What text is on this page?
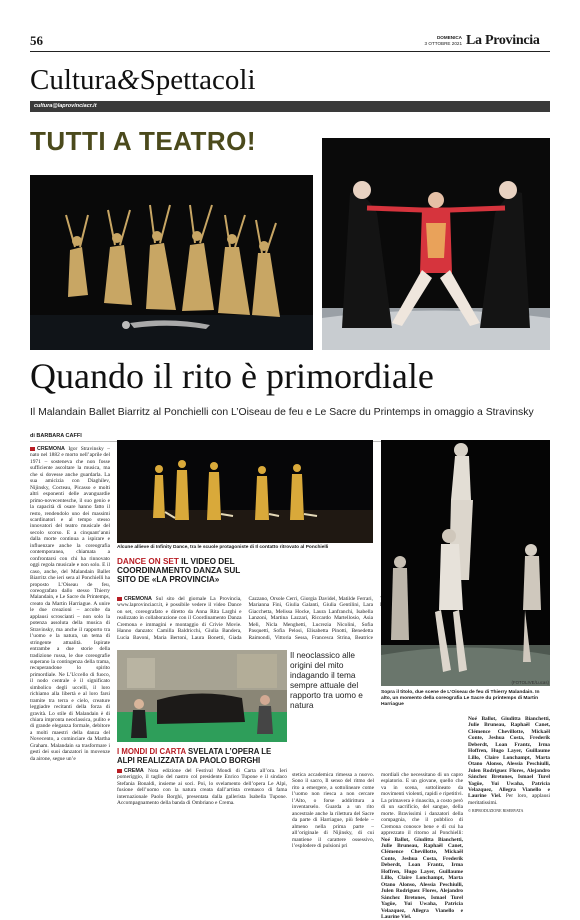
56	DOMENICA
3 OTTOBRE 2021 La Provincia
Cultura&Spettacoli
cultura@laprovinciacr.it
TUTTI A TEATRO!
Quando il rito è primordiale
Il Malandain Ballet Biarritz al Ponchielli con L’Oiseau de feu e Le Sacre du Printemps in omaggio a Stravinsky
di BARBARA CAFFI
CREMONA Igor Stravinsky – nato nel 1882 e morto nell’aprile del 1971 – sosteneva che non fosse sufficiente ascoltare la musica, ma che si dovesse anche guardarla. La sua amicizia con Diaghilev, Nijinsky, Cocteau, Picasso e molti altri esponenti delle avanguardie primo-novecentesche, il suo genio e la capacità di osare hanno fatto il resto, rendendolo uno dei massimi scardinatori e al tempo stesso innovatori del teatro musicale del secolo scorso. E a cinquant’anni dalla morte continua a ispirare e influenzare anche la coreografia contemporanea, chiamata a confrontarsi con chi ha rinnovato oggi regola musicale e non solo. E il caso, anche, del Malandain Ballet Biarritz che ieri sera al Ponchielli ha proposto L’Oiseau de feu, coreografato dallo stesso Thierry Malandain, e Le Sacre du Printemps, creato da Martin Harriague. A unire le due creazioni – accolte da applausi scroscianti – non solo la potenza assoluta della musica di Stravinsky, ma anche il rapporto tra l’uomo e la natura, un tema di stringente attualità. Ispirate entrambe a due storie della tradizione russa, le due coreografie superano la contingenza della trama, recuperandone lo spirito primordiale. Ne L’Uccello di fuoco, il nodo centrale è il significato simbolico degli uccelli, il loro richiamo alla libertà e al loro farsi tramite tra terra e cielo, creature leggiadre recitanti della forza di gravità. Lo stile di Malandain è di chiara impronta neoclassica, pulito e di grande eleganza formale, debitore a molti maestri della danza del Novecento, a cominciare da Martha Graham. Malandain sa trasformare i gesti dei suoi danzatori in movenze da airone, segue un’e
Alcune allieve di Infinity Dance, tra le scuole protagoniste di Il contatto ritrovato al Ponchielli
DANCE ON SET IL VIDEO DEL COORDINAMENTO DANZA SUL SITO DE «LA PROVINCIA»
CREMONA Sul sito del giornale La Provincia, www.laprovinciacr.it, è possibile vedere il video Dance on set, coreografato e diretto da Anna Rita Larghi e realizzato in collaborazione con il Coordinamento Danza Cremona e immagini e montaggio di Crivie Movie. Hanno danzato: Camilla Baldricchi, Giulia Bandera, Lucia Bavoni, Maria Bertoni, Laura Bonetti, Giada Cazzano, Orsole Cerri, Giorgia Davidel, Matilde Ferrari, Marianna Fini, Giulia Galanti, Giulia Gentilini, Lara Giacchetta, Melissa Hocke, Laura Lanfranchi, Isabella Lanzoni, Martina Lazzari, Riccardo Martellosio, Asia Meli, Nicla Menghetti, Lucrezia Nicolini, Sofia Pasquetti, Sofia Pelosi, Elisabetta Pinotti, Benedetta Raimondi, Vittoria Sessa, Francesca Strina, Beatrice
Il neoclassico alle origini del mito indagando il tema sempre attuale del rapporto tra uomo e natura
I MONDI DI CARTA SVELATA L’OPERA LE ALPI REALIZZATA DA PAOLO BORGHI
CREMA Nota edizione del Festival Mondi di Carta all’ora. Ieri pomeriggio, il taglio del nastro col presidente Enrico Tupone e il sindaco Stefania Bonaldi, insieme ai soci. Poi, lo svelamento dell’opera Le Alpi, fusione dell’uomo con la natura creata dall’artista cremasco di fama internazionale Paolo Borghi, presentata dalla gallerista Isabella Tupone. Accompagnamento della banda di Ombriano e Crema.
stetica accademica rimessa a nuovo. Sono il sacro, Il senso del ritmo del rito a emergere, a sottolineare come l’uomo non riesca a non cercare l’Alto, o forse addirittura a inventarselo. Guarda a un rito ancestrale anche la rilettura del Sacre da parte di Harriague, più fedele – almeno nella prima parte – all’originale di Nijinsky, di cui mantiene il carattere ossessivo, l’esplodere di pulsioni pri
Sopra il titolo, due scene de L’Oiseau de feu di Thierry Malandain. In alto, un momento della coreografia Le Sacre du printemps di Martin Harriague
(FOTOLIVE/Lucas)
mordiali che necessitano di un capro espiatorio. E un giovane, quello che va in scena, sottolineato da movimenti violenti, rapidi e ripetitivi. La primavera è rinascita, a costo però di un sacrificio, del sangue, della morte. Bravissimi i danzatori della compagnia, che il pubblico di Cremona conosce bene e di cui ha apprezzato il ritorno al Ponchielli: Noé Ballot, Giuditta Bianchetti, Julie Bruneau, Raphaël Canet, Clémence Chevillotte, Mickaël Conte, Jeshua Costa, Frederik Deberdt, Loan Frantz, Irma Hoffren, Hugo Layer, Guillaume Lillo, Claire Lonchampt, Marta Otano Alonso, Alessia Peschiulli, Julen Rodriguez Flores, Alejandro Sánchez Bretones, Ismael Turel Yagüe, Yui Uwaha, Patricia Velazquez, Allegra Vianello e Laurine Viel.
Noé Ballot, Giuditta Bianchetti, Julie Bruneau, Raphaël Canet, Clémence Chevillotte, Mickaël Conte, Jeshua Costa, Frederik Deberdt, Loan Frantz, Irma Hoffren, Hugo Layer, Guillaume Lillo, Claire Lonchampt, Marta Otano Alonso, Alessia Peschiulli, Julen Rodriguez Flores, Alejandro Sánchez Bretones, Ismael Turel Yagüe, Yui Uwaha, Patricia Velazquez, Allegra Vianello e Laurine Viel. Per loro, applausi meritatissimi.
© RIPRODUZIONE RISERVATA
